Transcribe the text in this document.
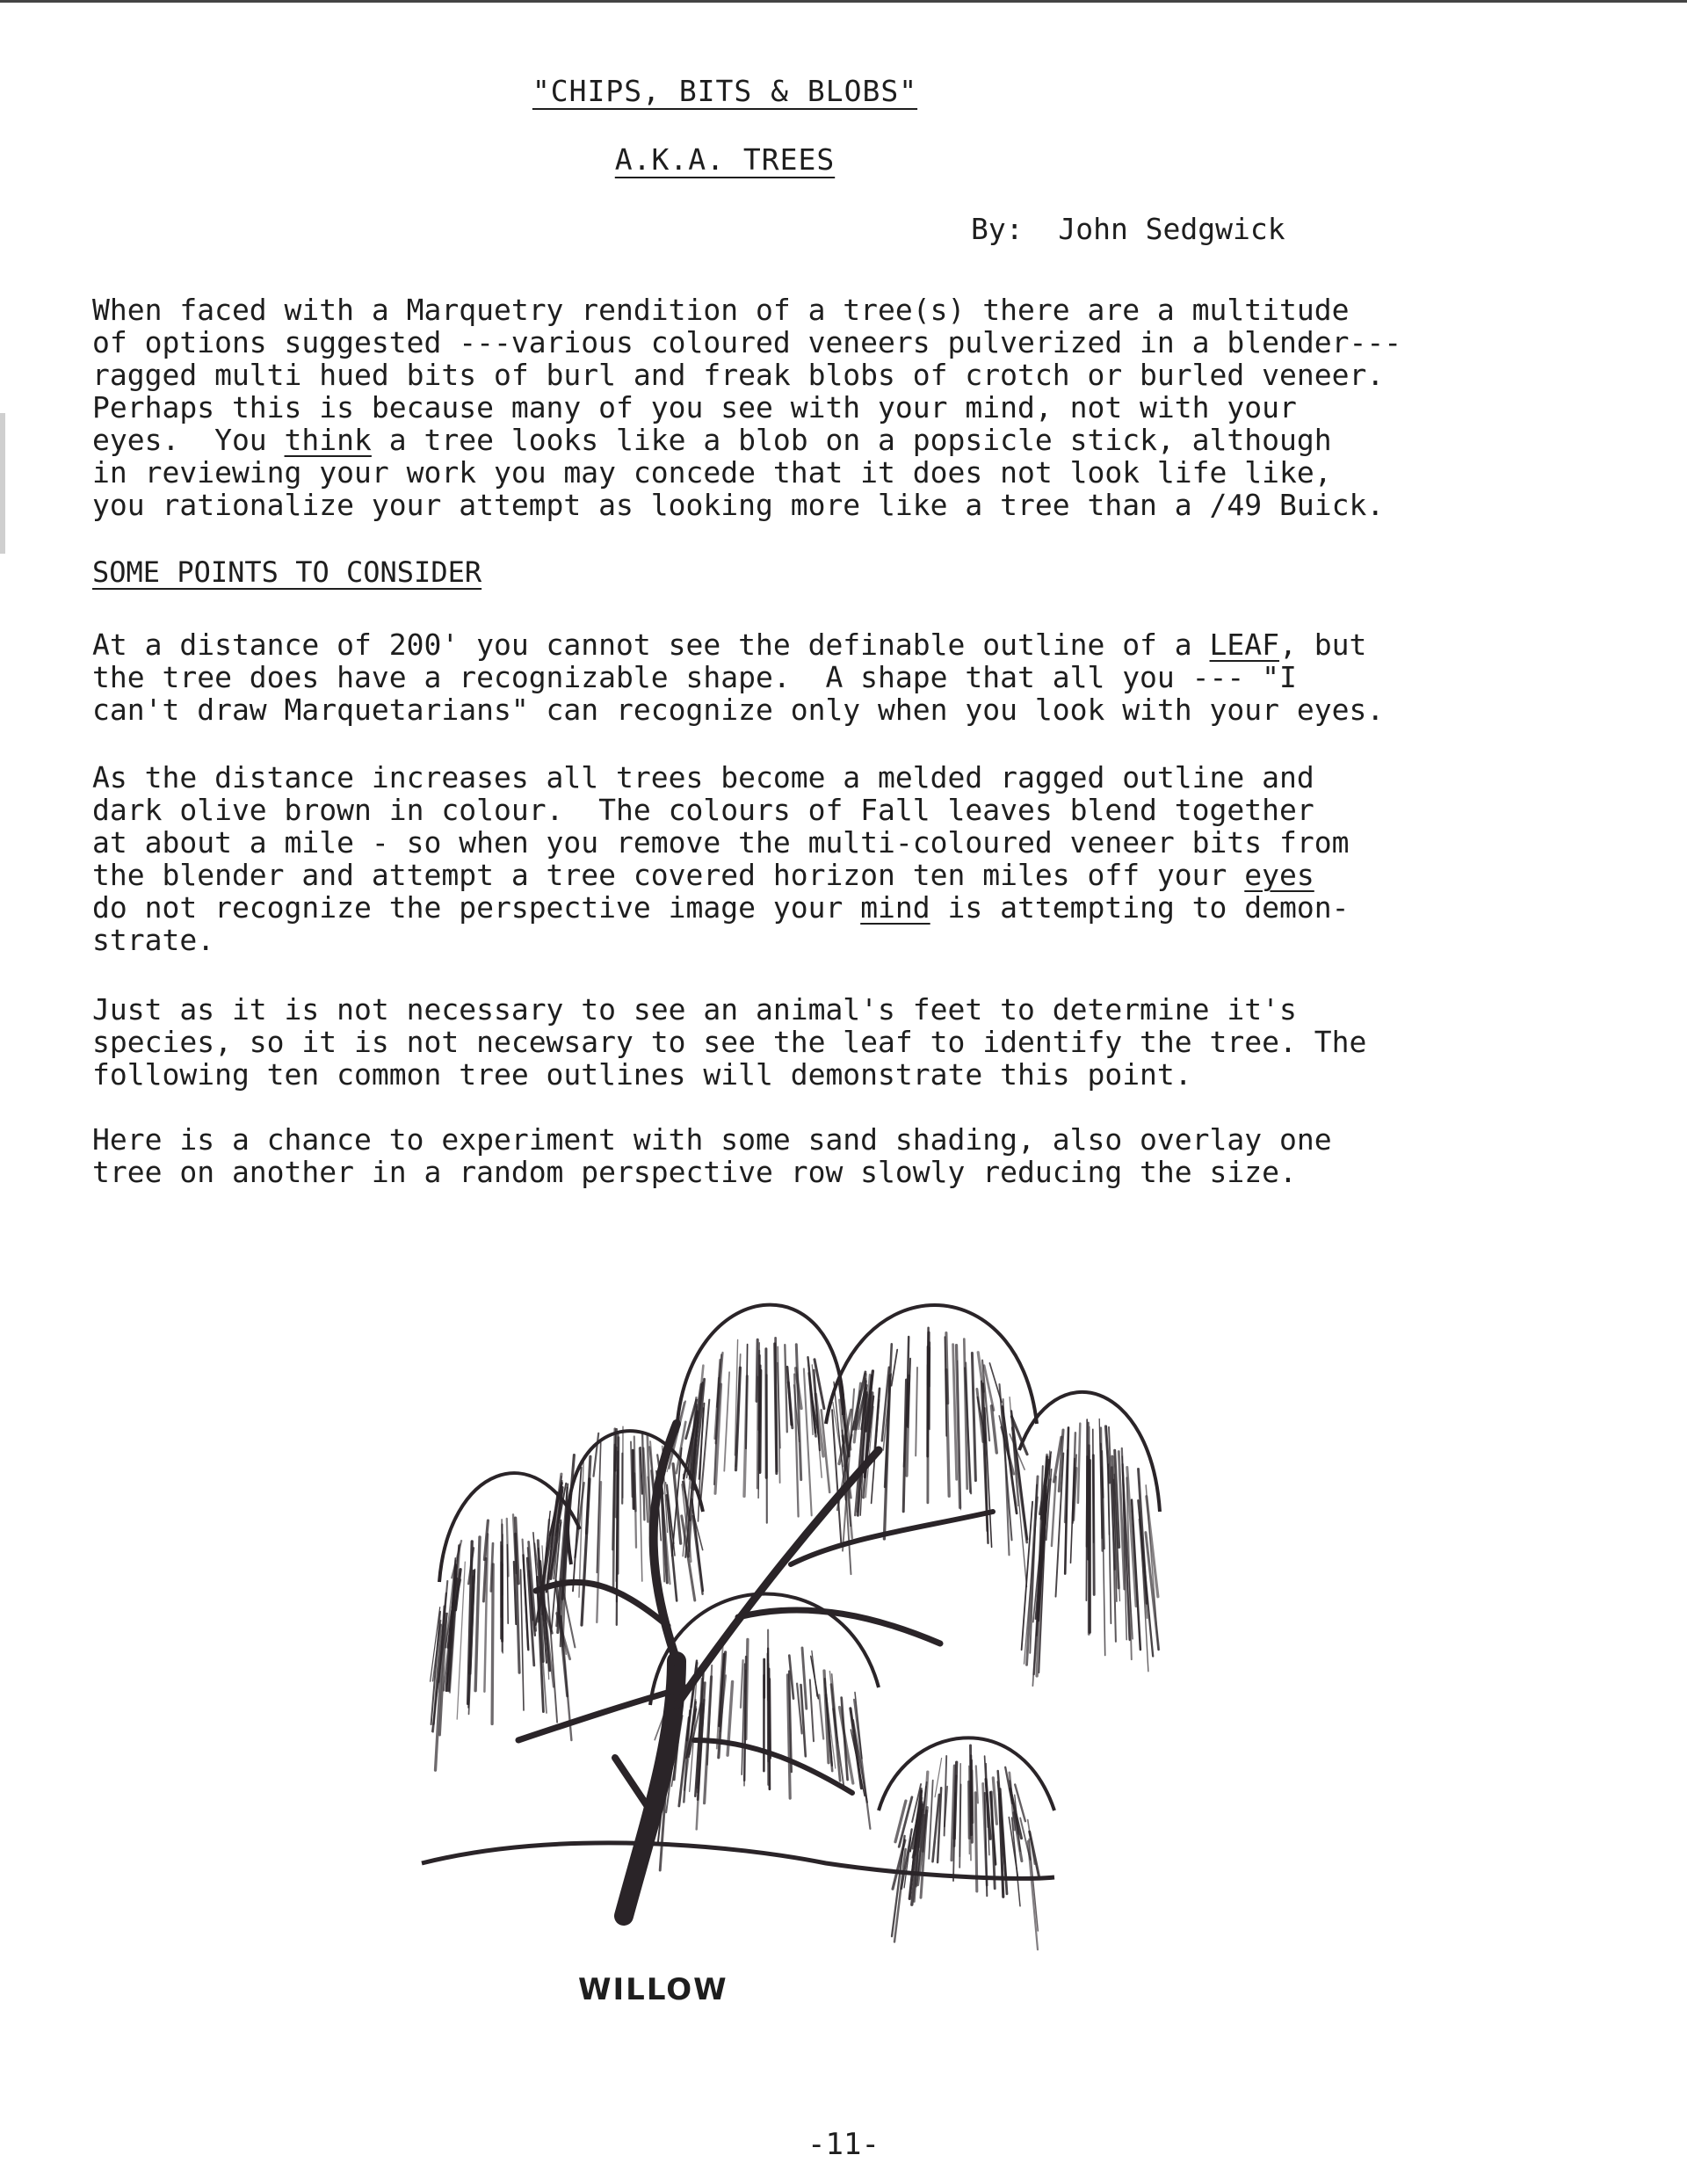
"CHIPS, BITS & BLOBS"
A.K.A. TREES
By:  John Sedgwick
When faced with a Marquetry rendition of a tree(s) there are a multitude
of options suggested ---various coloured veneers pulverized in a blender---
ragged multi hued bits of burl and freak blobs of crotch or burled veneer.
Perhaps this is because many of you see with your mind, not with your
eyes.  You think a tree looks like a blob on a popsicle stick, although
in reviewing your work you may concede that it does not look life like,
you rationalize your attempt as looking more like a tree than a /49 Buick.
SOME POINTS TO CONSIDER
At a distance of 200' you cannot see the definable outline of a LEAF, but
the tree does have a recognizable shape.  A shape that all you --- "I
can't draw Marquetarians" can recognize only when you look with your eyes.
As the distance increases all trees become a melded ragged outline and
dark olive brown in colour.  The colours of Fall leaves blend together
at about a mile - so when you remove the multi-coloured veneer bits from
the blender and attempt a tree covered horizon ten miles off your eyes
do not recognize the perspective image your mind is attempting to demon-
strate.
Just as it is not necessary to see an animal's feet to determine it's
species, so it is not necewsary to see the leaf to identify the tree. The
following ten common tree outlines will demonstrate this point.
Here is a chance to experiment with some sand shading, also overlay one
tree on another in a random perspective row slowly reducing the size.
WILLOW
-11-
